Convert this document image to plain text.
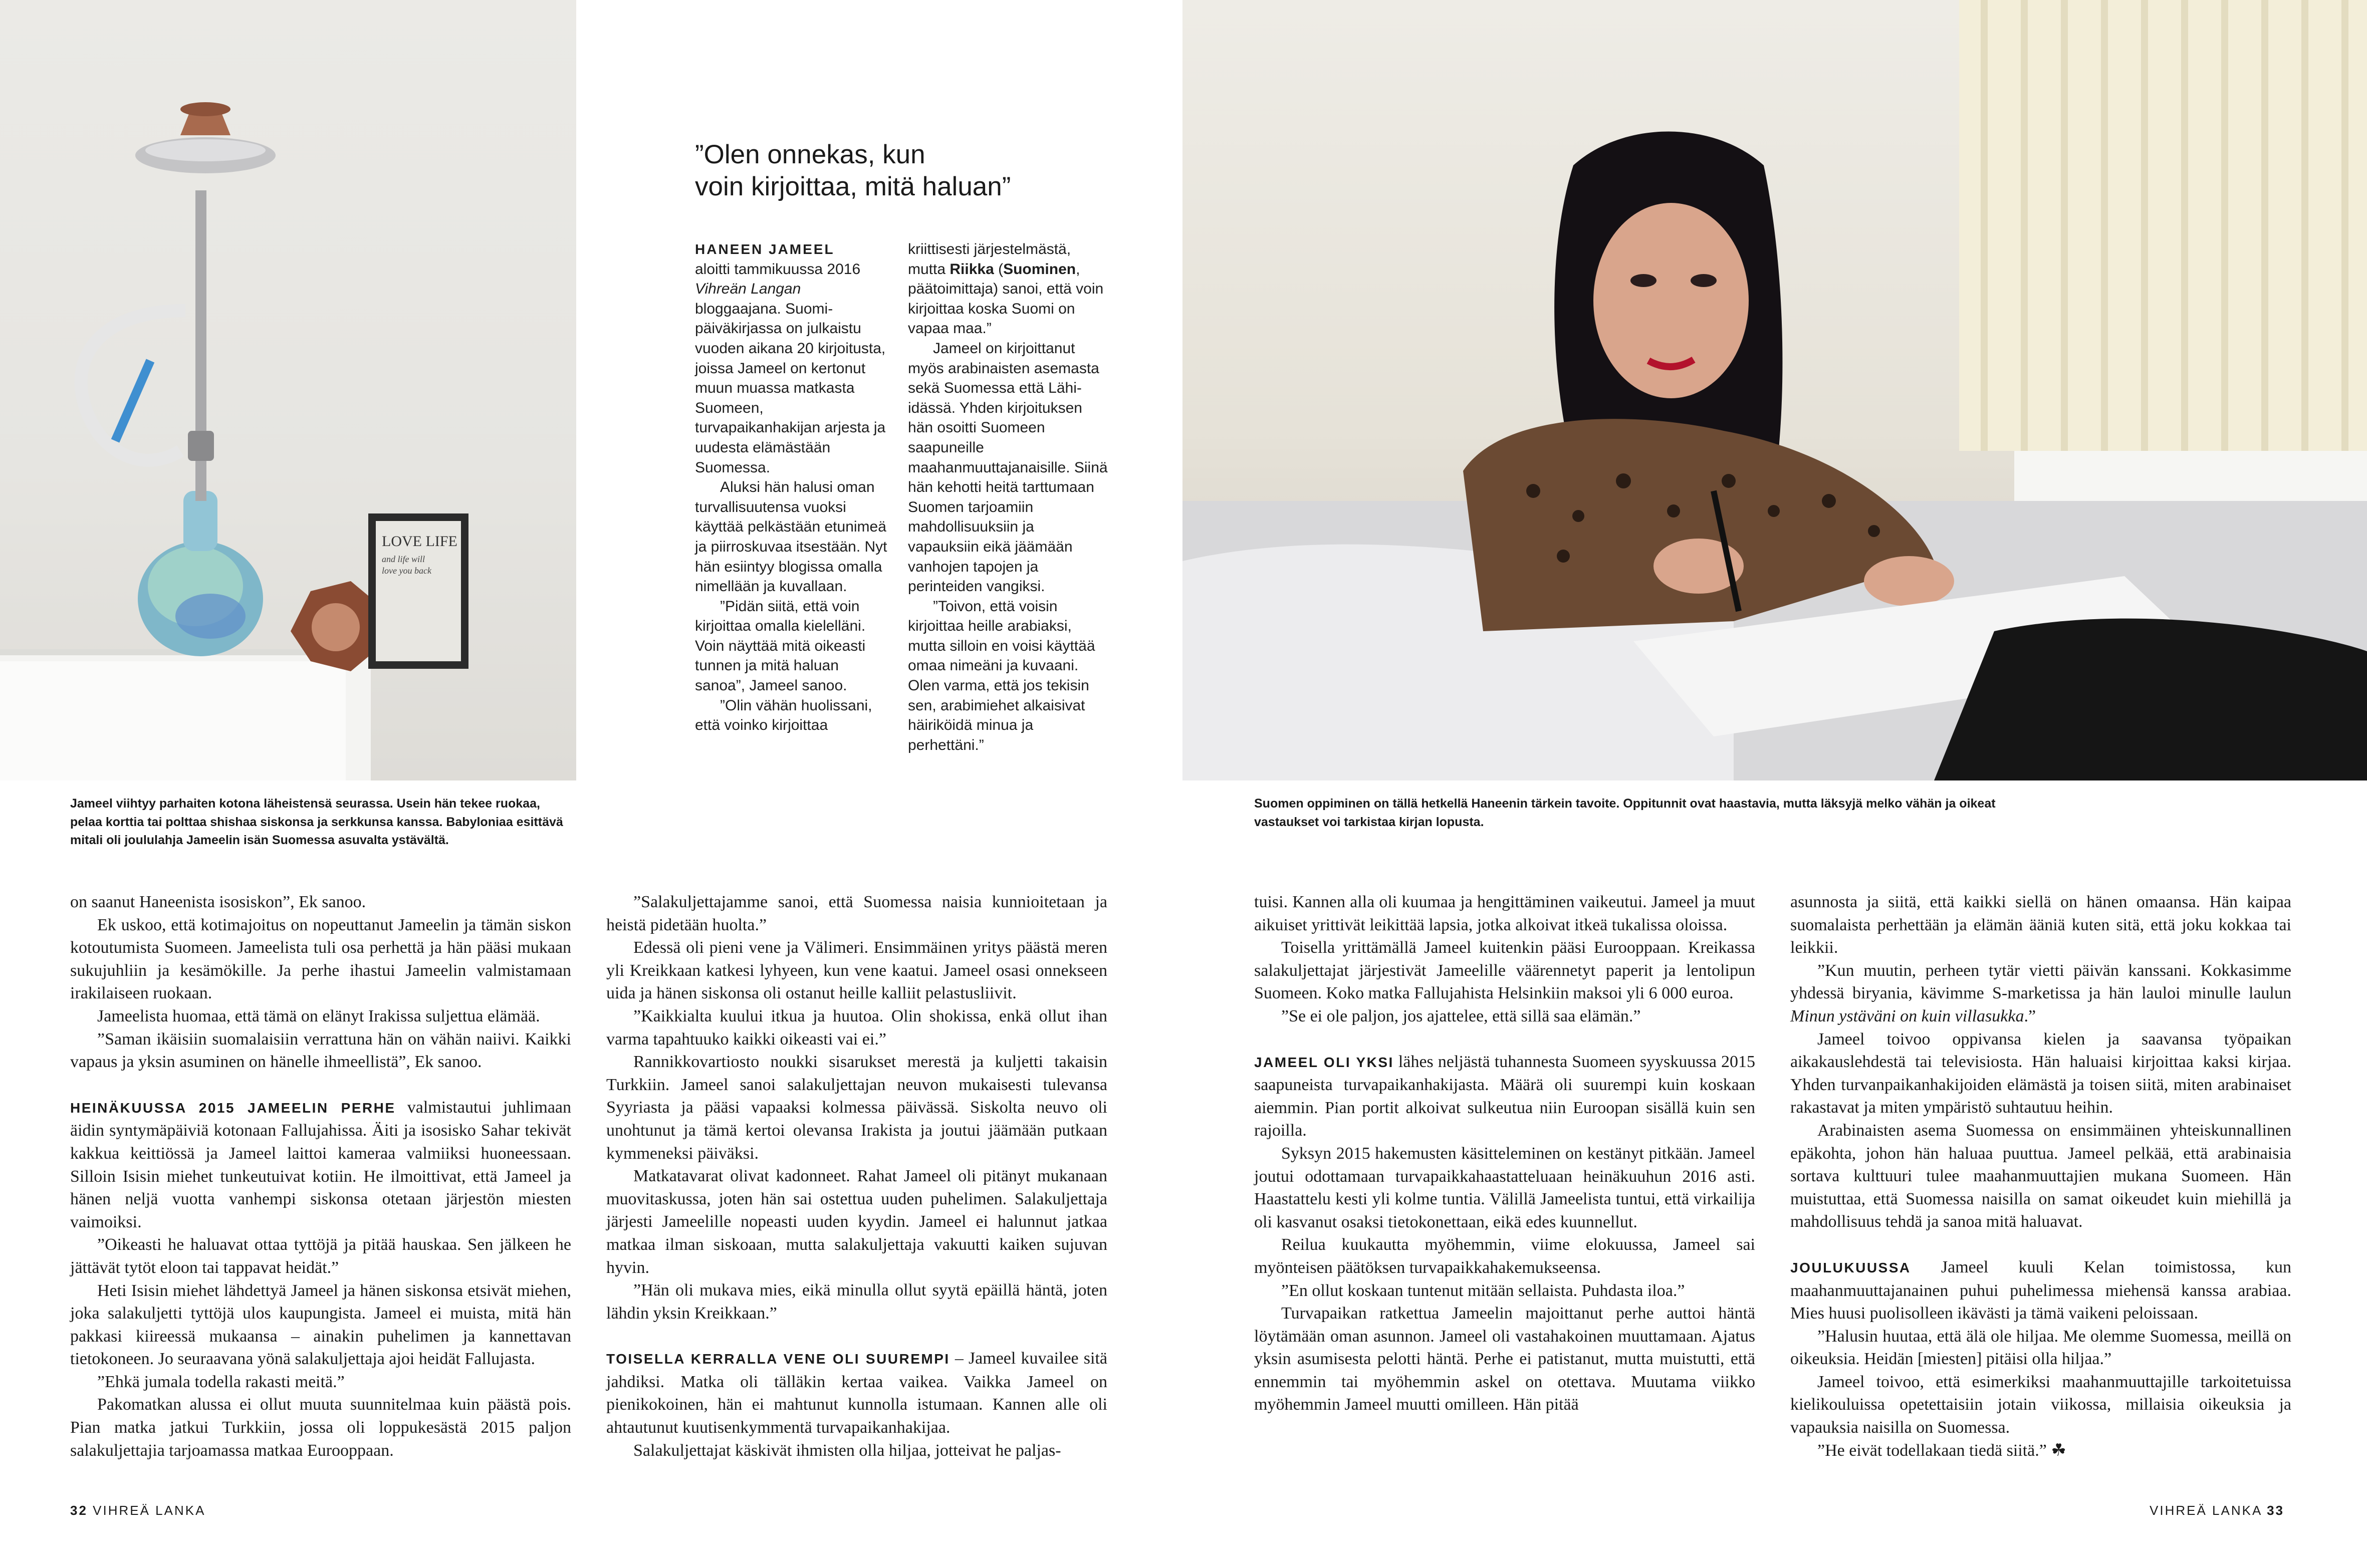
LOVE LIFE
and life will
love you back
”Olen onnekas, kun
voin kirjoittaa, mitä haluan”

HANEEN JAMEEL
aloitti tammikuussa 2016 Vihreän Langan bloggaajana. Suomi-päiväkirjassa on julkaistu vuoden aikana 20 kirjoitusta, joissa Jameel on kertonut muun muassa matkasta Suomeen, turvapaikanhakijan arjesta ja uudesta elämästään Suomessa.

Aluksi hän halusi oman turvallisuutensa vuoksi käyttää pelkästään etunimeä ja piirroskuvaa itsestään. Nyt hän esiintyy blogissa omalla nimellään ja kuvallaan.

”Pidän siitä, että voin kirjoittaa omalla kielelläni. Voin näyttää mitä oikeasti tunnen ja mitä haluan sanoa”, Jameel sanoo.

”Olin vähän huolissani, että voinko kirjoittaa

kriittisesti järjestelmästä, mutta Riikka (Suominen, päätoimittaja) sanoi, että voin kirjoittaa koska Suomi on vapaa maa.”

Jameel on kirjoittanut myös arabinaisten asemasta sekä Suomessa että Lähi-idässä. Yhden kirjoituksen hän osoitti Suomeen saapuneille maahanmuuttajanaisille. Siinä hän kehotti heitä tarttumaan Suomen tarjoamiin mahdollisuuksiin ja vapauksiin eikä jäämään vanhojen tapojen ja perinteiden vangiksi.

”Toivon, että voisin kirjoittaa heille arabiaksi, mutta silloin en voisi käyttää omaa nimeäni ja kuvaani. Olen varma, että jos tekisin sen, arabimiehet alkaisivat häiriköidä minua ja perhettäni.”

Jameel viihtyy parhaiten kotona läheistensä seurassa. Usein hän tekee ruokaa, pelaa korttia tai polttaa shishaa siskonsa ja serkkunsa kanssa. Babyloniaa esittävä mitali oli joululahja Jameelin isän Suomessa asuvalta ystävältä.
Suomen oppiminen on tällä hetkellä Haneenin tärkein tavoite. Oppitunnit ovat haastavia, mutta läksyjä melko vähän ja oikeat vastaukset voi tarkistaa kirjan lopusta.

on saanut Haneenista isosiskon”, Ek sanoo.

Ek uskoo, että kotimajoitus on nopeuttanut Jameelin ja tämän siskon kotoutumista Suomeen. Jameelista tuli osa perhettä ja hän pääsi mukaan sukujuhliin ja kesämökille. Ja perhe ihastui Jameelin valmistamaan irakilaiseen ruokaan.

Jameelista huomaa, että tämä on elänyt Irakissa suljettua elämää.

”Saman ikäisiin suomalaisiin verrattuna hän on vähän naiivi. Kaikki vapaus ja yksin asuminen on hänelle ihmeellistä”, Ek sanoo.

HEINÄKUUSSA 2015 JAMEELIN PERHE valmistautui juhlimaan äidin syntymäpäiviä kotonaan Fallujahissa. Äiti ja isosisko Sahar tekivät kakkua keittiössä ja Jameel laittoi kameraa valmiiksi huoneessaan. Silloin Isisin miehet tunkeutuivat kotiin. He ilmoittivat, että Jameel ja hänen neljä vuotta vanhempi siskonsa otetaan järjestön miesten vaimoiksi.

”Oikeasti he haluavat ottaa tyttöjä ja pitää hauskaa. Sen jälkeen he jättävät tytöt eloon tai tappavat heidät.”

Heti Isisin miehet lähdettyä Jameel ja hänen siskonsa etsivät miehen, joka salakuljetti tyttöjä ulos kaupungista. Jameel ei muista, mitä hän pakkasi kiireessä mukaansa – ainakin puhelimen ja kannettavan tietokoneen. Jo seuraavana yönä salakuljettaja ajoi heidät Fallujasta.

”Ehkä jumala todella rakasti meitä.”

Pakomatkan alussa ei ollut muuta suunnitelmaa kuin päästä pois. Pian matka jatkui Turkkiin, jossa oli loppukesästä 2015 paljon salakuljettajia tarjoamassa matkaa Eurooppaan.

”Salakuljettajamme sanoi, että Suomessa naisia kunnioitetaan ja heistä pidetään huolta.”

Edessä oli pieni vene ja Välimeri. Ensimmäinen yritys päästä meren yli Kreikkaan katkesi lyhyeen, kun vene kaatui. Jameel osasi onnekseen uida ja hänen siskonsa oli ostanut heille kalliit pelastusliivit.

”Kaikkialta kuului itkua ja huutoa. Olin shokissa, enkä ollut ihan varma tapahtuuko kaikki oikeasti vai ei.”

Rannikkovartiosto noukki sisarukset merestä ja kuljetti takaisin Turkkiin. Jameel sanoi salakuljettajan neuvon mukaisesti tulevansa Syyriasta ja pääsi vapaaksi kolmessa päivässä. Siskolta neuvo oli unohtunut ja tämä kertoi olevansa Irakista ja joutui jäämään putkaan kymmeneksi päiväksi.

Matkatavarat olivat kadonneet. Rahat Jameel oli pitänyt mukanaan muovitaskussa, joten hän sai ostettua uuden puhelimen. Salakuljettaja järjesti Jameelille nopeasti uuden kyydin. Jameel ei halunnut jatkaa matkaa ilman siskoaan, mutta salakuljettaja vakuutti kaiken sujuvan hyvin.

”Hän oli mukava mies, eikä minulla ollut syytä epäillä häntä, joten lähdin yksin Kreikkaan.”

TOISELLA KERRALLA VENE OLI SUUREMPI – Jameel kuvailee sitä jahdiksi. Matka oli tälläkin kertaa vaikea. Vaikka Jameel on pienikokoinen, hän ei mahtunut kunnolla istumaan. Kannen alle oli ahtautunut kuutisenkymmentä turvapaikanhakijaa.

Salakuljettajat käskivät ihmisten olla hiljaa, jotteivat he paljas-

tuisi. Kannen alla oli kuumaa ja hengittäminen vaikeutui. Jameel ja muut aikuiset yrittivät leikittää lapsia, jotka alkoivat itkeä tukalissa oloissa.

Toisella yrittämällä Jameel kuitenkin pääsi Eurooppaan. Kreikassa salakuljettajat järjestivät Jameelille väärennetyt paperit ja lentolipun Suomeen. Koko matka Fallujahista Helsinkiin maksoi yli 6 000 euroa.

”Se ei ole paljon, jos ajattelee, että sillä saa elämän.”

JAMEEL OLI YKSI lähes neljästä tuhannesta Suomeen syyskuussa 2015 saapuneista turvapaikanhakijasta. Määrä oli suurempi kuin koskaan aiemmin. Pian portit alkoivat sulkeutua niin Euroopan sisällä kuin sen rajoilla.

Syksyn 2015 hakemusten käsitteleminen on kestänyt pitkään. Jameel joutui odottamaan turvapaikkahaastatteluaan heinäkuuhun 2016 asti. Haastattelu kesti yli kolme tuntia. Välillä Jameelista tuntui, että virkailija oli kasvanut osaksi tietokonettaan, eikä edes kuunnellut.

Reilua kuukautta myöhemmin, viime elokuussa, Jameel sai myönteisen päätöksen turvapaikkahakemukseensa.

”En ollut koskaan tuntenut mitään sellaista. Puhdasta iloa.”

Turvapaikan ratkettua Jameelin majoittanut perhe auttoi häntä löytämään oman asunnon. Jameel oli vastahakoinen muuttamaan. Ajatus yksin asumisesta pelotti häntä. Perhe ei patistanut, mutta muistutti, että ennemmin tai myöhemmin askel on otettava. Muutama viikko myöhemmin Jameel muutti omilleen. Hän pitää

asunnosta ja siitä, että kaikki siellä on hänen omaansa. Hän kaipaa suomalaista perhettään ja elämän ääniä kuten sitä, että joku kokkaa tai leikkii.

”Kun muutin, perheen tytär vietti päivän kanssani. Kokkasimme yhdessä biryania, kävimme S-marketissa ja hän lauloi minulle laulun Minun ystäväni on kuin villasukka.”

Jameel toivoo oppivansa kielen ja saavansa työpaikan aikakauslehdestä tai televisiosta. Hän haluaisi kirjoittaa kaksi kirjaa. Yhden turvanpaikanhakijoiden elämästä ja toisen siitä, miten arabinaiset rakastavat ja miten ympäristö suhtautuu heihin.

Arabinaisten asema Suomessa on ensimmäinen yhteiskunnallinen epäkohta, johon hän haluaa puuttua. Jameel pelkää, että arabinaisia sortava kulttuuri tulee maahanmuuttajien mukana Suomeen. Hän muistuttaa, että Suomessa naisilla on samat oikeudet kuin miehillä ja mahdollisuus tehdä ja sanoa mitä haluavat.

JOULUKUUSSA Jameel kuuli Kelan toimistossa, kun maahanmuuttajanainen puhui puhelimessa miehensä kanssa arabiaa. Mies huusi puolisolleen ikävästi ja tämä vaikeni peloissaan.

”Halusin huutaa, että älä ole hiljaa. Me olemme Suomessa, meillä on oikeuksia. Heidän [miesten] pitäisi olla hiljaa.”

Jameel toivoo, että esimerkiksi maahanmuuttajille tarkoitetuissa kielikouluissa opetettaisiin jotain viikossa, millaisia oikeuksia ja vapauksia naisilla on Suomessa.

”He eivät todellakaan tiedä siitä.” ☘

32 VIHREÄ LANKA	VIHREÄ LANKA 33
